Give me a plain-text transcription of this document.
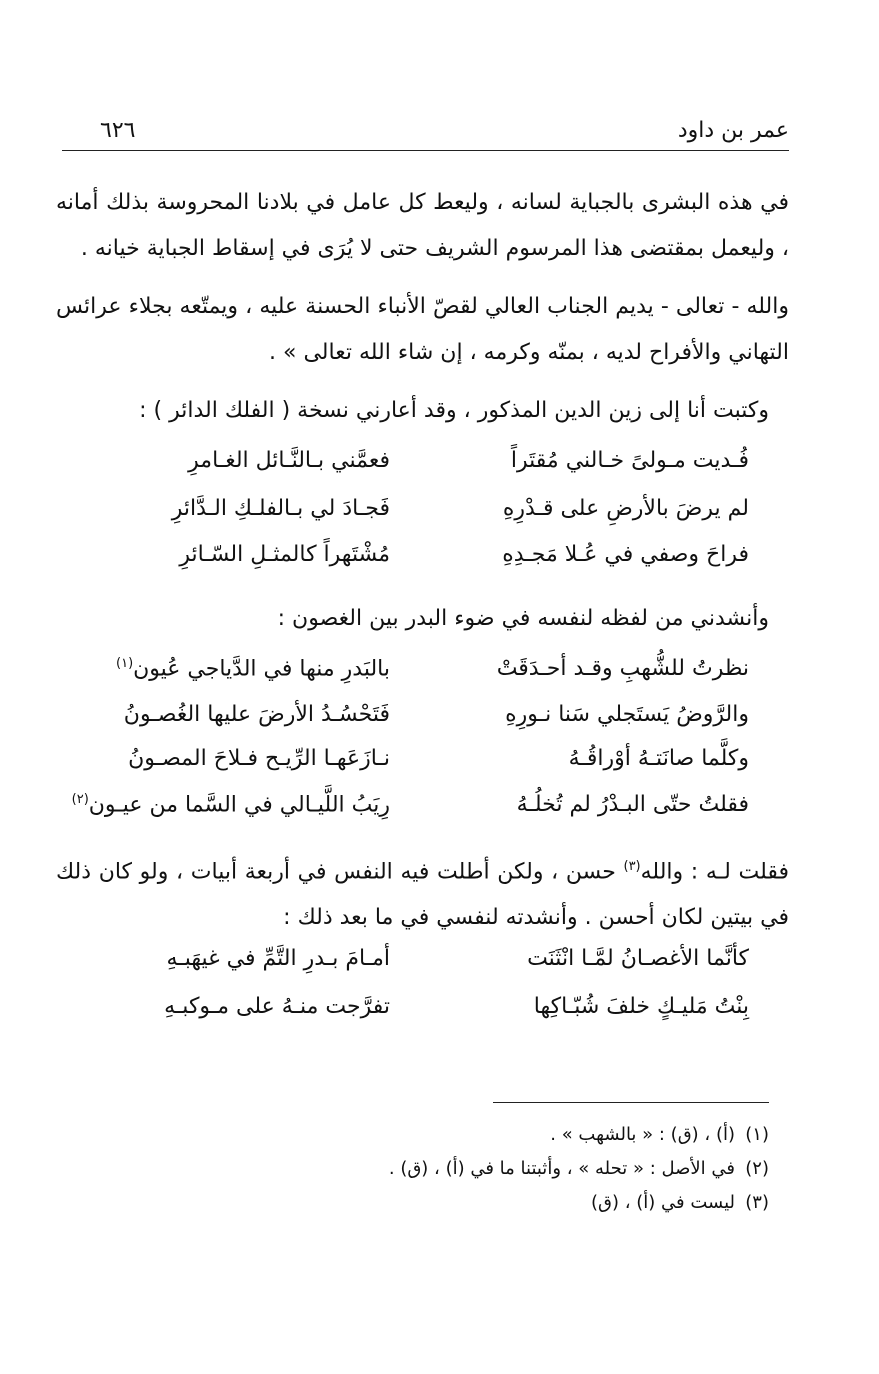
عمر بن داود
٦٢٦
في هذه البشرى بالجباية لسانه ، وليعط كل عامل في بلادنا المحروسة بذلك أمانه ، وليعمل بمقتضى هذا المرسوم الشريف حتى لا يُرَى في إسقاط الجباية خيانه .
والله - تعالى - يديم الجناب العالي لقصّ الأنباء الحسنة عليه ، ويمتّعه بجلاء عرائس التهاني والأفراح لديه ، بمنّه وكرمه ، إن شاء الله تعالى » .
وكتبت أنا إلى زين الدين المذكور ، وقد أعارني نسخة ( الفلك الدائر ) :
فُـديت مـولىً خـالني مُقتَراً
فعمَّني بـالنَّـائل الغـامرِ
لم يرضَ بالأرضِ على قـدْرِهِ
فَجـادَ لي بـالفلـكِ الـدَّائرِ
فراحَ وصفي في عُـلا مَجـدِهِ
مُشْتَهراً كالمثـلِ السّـائرِ
وأنشدني من لفظه لنفسه في ضوء البدر بين الغصون :
نظرتُ للشُّهبِ وقـد أحـدَقَتْ
بالبَدرِ منها في الدَّياجي عُيون$^{(١)}$
والرَّوضُ يَستَجلي سَنا نـورِهِ
فَتَحْسُـدُ الأرضَ عليها الغُصـونُ
وكلَّما صانَتـهُ أوْراقُـهُ
نـازَعَهـا الرِّيـح فـلاحَ المصـونُ
فقلتُ حتّى البـدْرُ لم تُخلُـهُ
رِيَبُ اللَّيـالي في السَّما من عيـون$^{(٢)}$
فقلت لـه : والله$^{(٣)}$ حسن ، ولكن أطلت فيه النفس في أربعة أبيات ، ولو كان ذلك في بيتين لكان أحسن . وأنشدته لنفسي في ما بعد ذلك :
كأنَّما الأغصـانُ لمَّـا انْثَنَت
أمـامَ بـدرِ التَّمِّ في غيهَبـهِ
بِنْتُ مَليـكٍ خلفَ شُبّـاكِها
تفرَّجت منـهُ على مـوكبـهِ
(١)(أ) ، (ق) : « بالشهب » .
(٢)في الأصل : « تحله » ، وأثبتنا ما في (أ) ، (ق) .
(٣)ليست في (أ) ، (ق)
